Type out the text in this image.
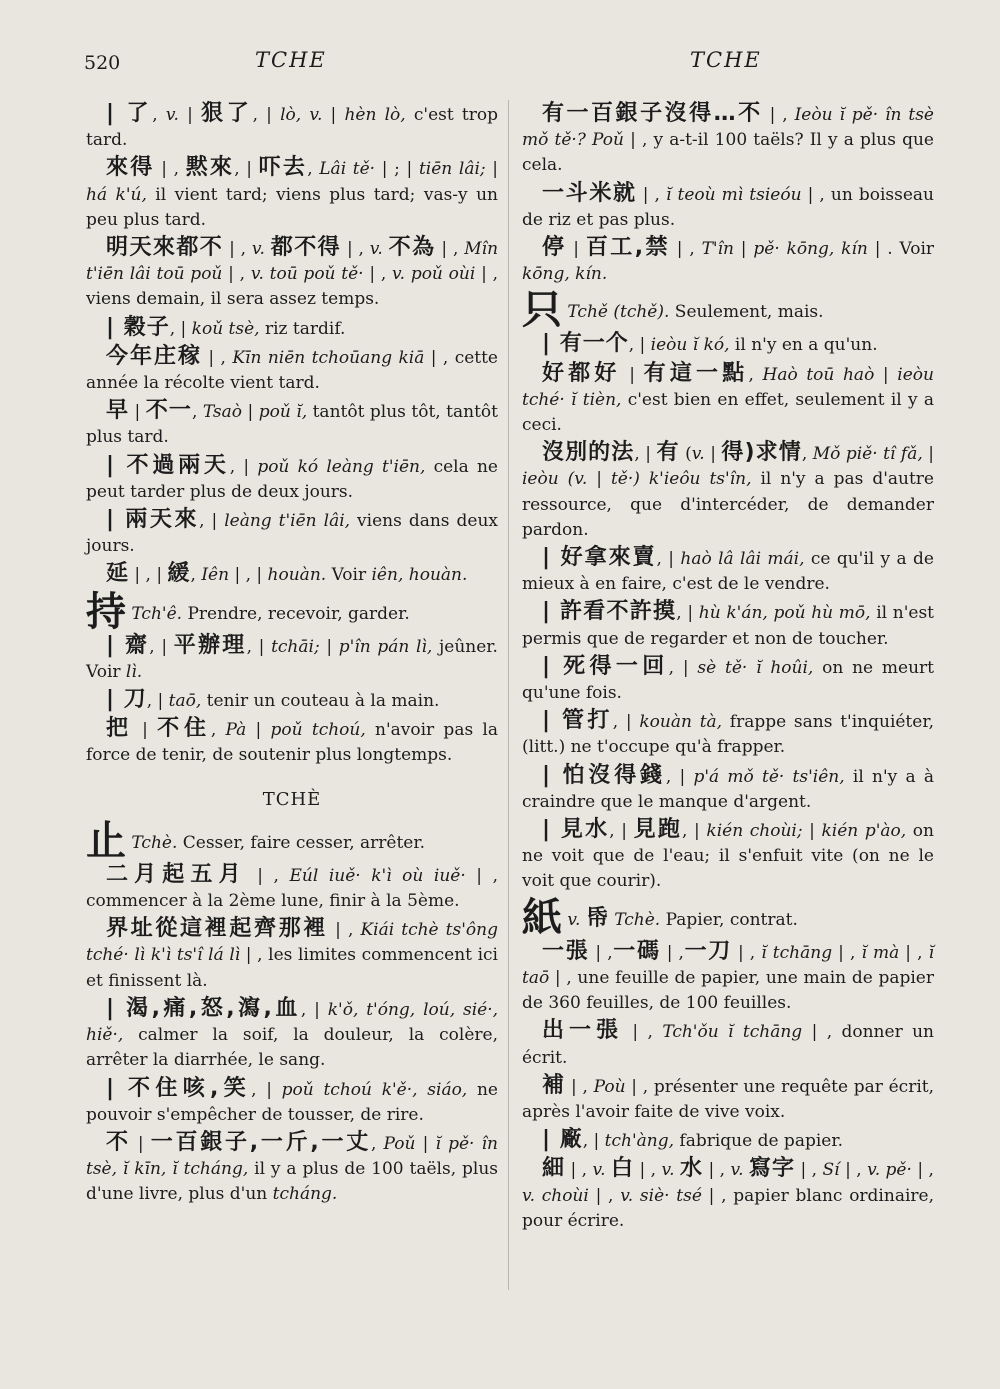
520	TCHE	TCHE
| 了, v. | 狠了, | lò, v. | hèn lò, c'est trop tard.
來得 | , 黙來, | 吓去, Lâi tě· | ; | tiēn lâi; | há k'ú, il vient tard; viens plus tard; vas-y un peu plus tard.
明天來都不 | , v. 都不得 | , v. 不為 | , Mîn t'iēn lâi toū poǔ | , v. toū poǔ tě· | , v. poǔ oùi | , viens demain, il sera assez temps.
| 穀子, | koǔ tsè, riz tardif.
今年庄稼 | , Kīn niēn tchoūang kiā | , cette année la récolte vient tard.
早 | 不一, Tsaò | poǔ ĭ, tantôt plus tôt, tantôt plus tard.
| 不過兩天, | poǔ kó leàng t'iēn, cela ne peut tarder plus de deux jours.
| 兩天來, | leàng t'iēn lâi, viens dans deux jours.
延 | , | 緩, Iên | , | houàn. Voir iên, houàn.
持 Tch'ê. Prendre, recevoir, garder.
| 齋, | 平辦理, | tchāi; | p'în pán lì, jeûner. Voir lì.
| 刀, | taō, tenir un couteau à la main.
把 | 不住, Pà | poǔ tchoú, n'avoir pas la force de tenir, de soutenir plus longtemps.
TCHÈ
止 Tchè. Cesser, faire cesser, arrêter.
二月起五月 | , Eúl iuě· k'ì où iuě· | , commencer à la 2ème lune, finir à la 5ème.
界址從這裡起齊那裡 | , Kiái tchè ts'ông tché· lì k'ì ts'î lá lì | , les limites commencent ici et finissent là.
| 渴,痛,怒,瀉,血, | k'ǒ, t'óng, loú, sié·, hiě·, calmer la soif, la douleur, la colère, arrêter la diarrhée, le sang.
| 不住咳,笑, | poǔ tchoú k'ě·, siáo, ne pouvoir s'empêcher de tousser, de rire.
不 | 一百銀子,一斤,一丈, Poǔ | ĭ pě· în tsè, ĭ kīn, ĭ tcháng, il y a plus de 100 taëls, plus d'une livre, plus d'un tcháng.
有一百銀子沒得…不 | , Ieòu ĭ pě· în tsè mǒ tě·? Poǔ | , y a-t-il 100 taëls? Il y a plus que cela.
一斗米就 | , ĭ teoù mì tsieóu | , un boisseau de riz et pas plus.
停 | 百工,禁 | , T'în | pě· kōng, kín | . Voir kōng, kín.
只 Tchě (tchě). Seulement, mais.
| 有一个, | ieòu ĭ kó, il n'y en a qu'un.
好都好 | 有這一點, Haò toū haò | ieòu tché· ĭ tièn, c'est bien en effet, seulement il y a ceci.
沒別的法, | 有 (v. | 得)求情, Mǒ piě· tî fǎ, | ieòu (v. | tě·) k'ieôu ts'în, il n'y a pas d'autre ressource, que d'intercéder, de demander pardon.
| 好拿來賣, | haò lâ lâi mái, ce qu'il y a de mieux à en faire, c'est de le vendre.
| 許看不許摸, | hù k'án, poǔ hù mō, il n'est permis que de regarder et non de toucher.
| 死得一回, | sè tě· ĭ hoûi, on ne meurt qu'une fois.
| 管打, | kouàn tà, frappe sans t'inquiéter, (litt.) ne t'occupe qu'à frapper.
| 怕沒得錢, | p'á mǒ tě· ts'iên, il n'y a à craindre que le manque d'argent.
| 見水, | 見跑, | kién choùi; | kién p'ào, on ne voit que de l'eau; il s'enfuit vite (on ne le voit que courir).
紙 v. 帋 Tchè. Papier, contrat.
一張 | ,一碼 | ,一刀 | , ĭ tchāng | , ĭ mà | , ĭ taō | , une feuille de papier, une main de papier de 360 feuilles, de 100 feuilles.
出一張 | , Tch'ǒu ĭ tchāng | , donner un écrit.
補 | , Poù | , présenter une requête par écrit, après l'avoir faite de vive voix.
| 廠, | tch'àng, fabrique de papier.
細 | , v. 白 | , v. 水 | , v. 寫字 | , Sí | , v. pě· | , v. choùi | , v. siè· tsé | , papier blanc ordinaire, pour écrire.
